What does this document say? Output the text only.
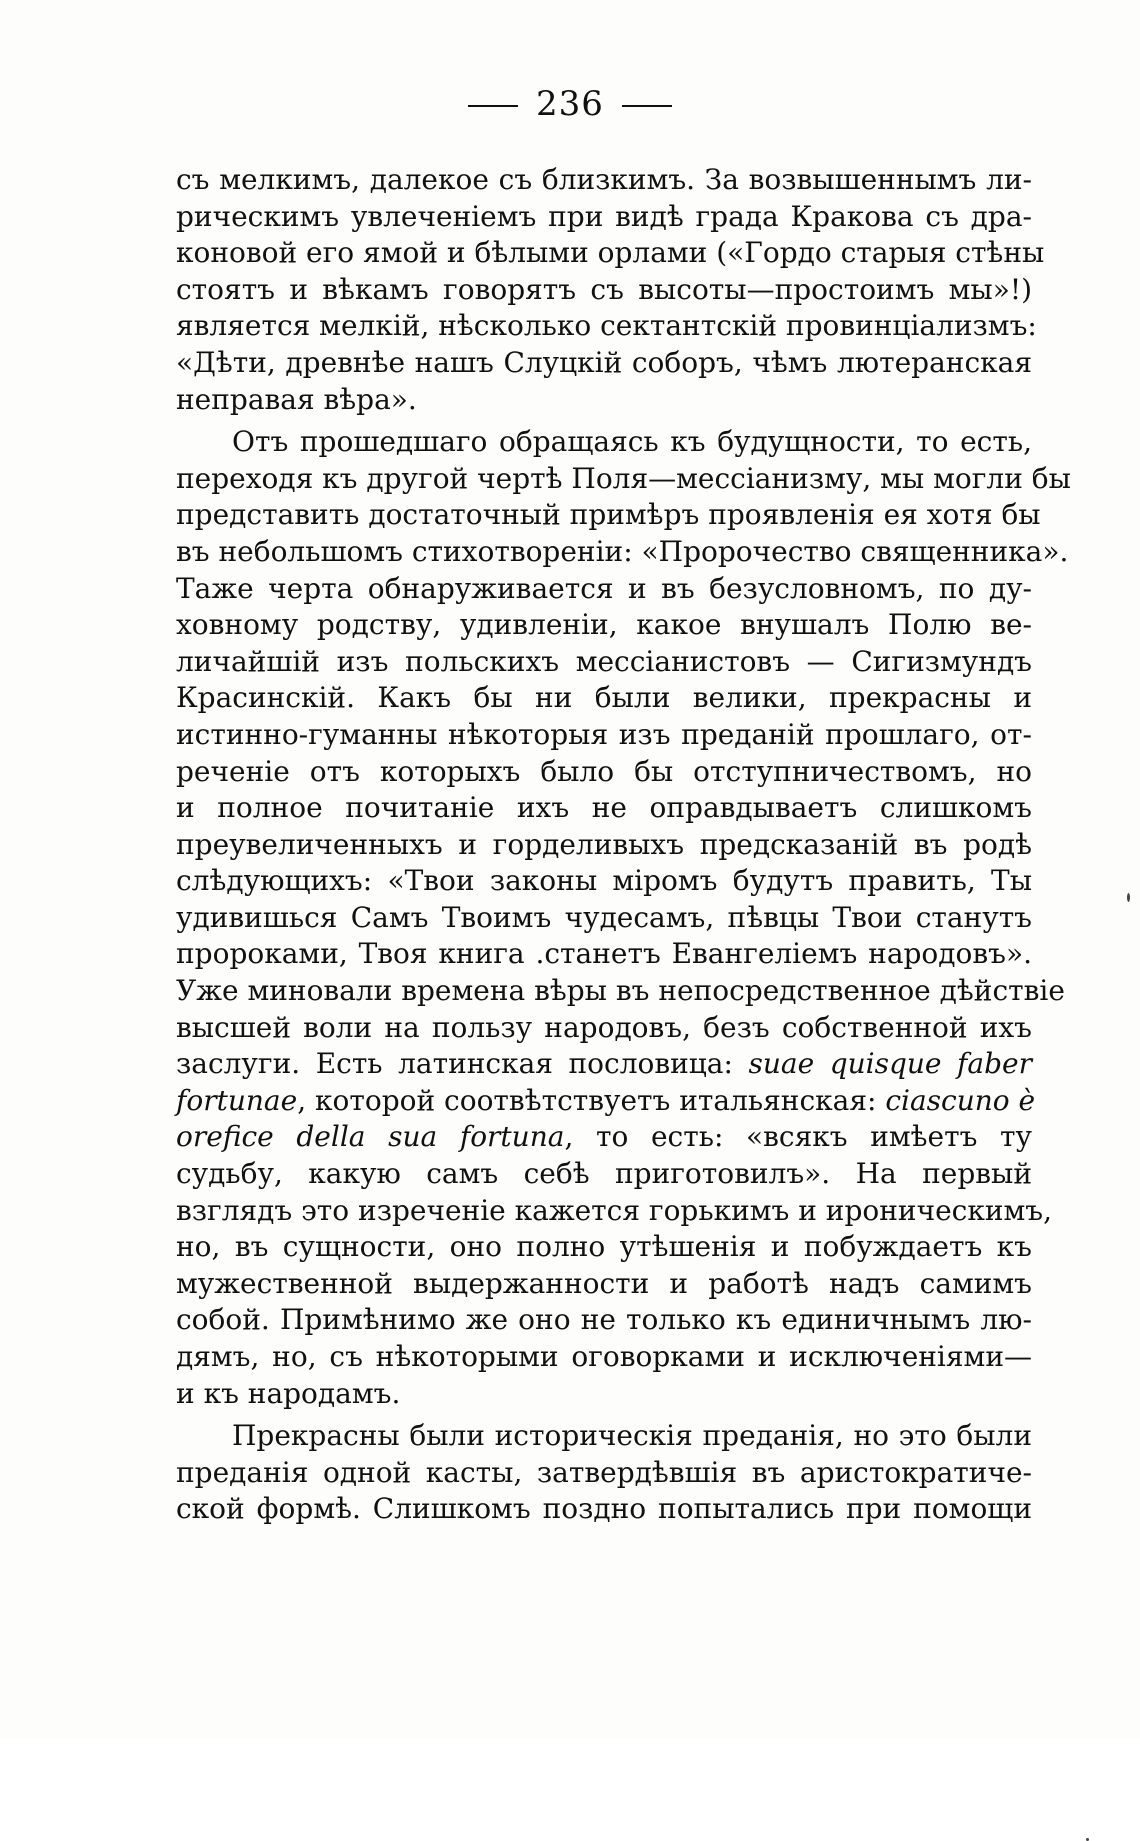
236
съ мелкимъ, далекое съ близкимъ. За возвышеннымъ ли-
рическимъ увлеченіемъ при видѣ града Кракова съ дра-
коновой его ямой и бѣлыми орлами («Гордо старыя стѣны
стоятъ и вѣкамъ говорятъ съ высоты—простоимъ мы»!)
является мелкій, нѣсколько сектантскій провинціализмъ:
«Дѣти, древнѣе нашъ Слуцкій соборъ, чѣмъ лютеранская
неправая вѣра».
Отъ прошедшаго обращаясь къ будущности, то есть,
переходя къ другой чертѣ Поля—мессіанизму, мы могли бы
представить достаточный примѣръ проявленія ея хотя бы
въ небольшомъ стихотвореніи: «Пророчество священника».
Таже черта обнаруживается и въ безусловномъ, по ду-
ховному родству, удивленіи, какое внушалъ Полю ве-
личайшій изъ польскихъ мессіанистовъ — Сигизмундъ
Красинскій. Какъ бы ни были велики, прекрасны и
истинно-гуманны нѣкоторыя изъ преданій прошлаго, от-
реченіе отъ которыхъ было бы отступничествомъ, но
и полное почитаніе ихъ не оправдываетъ слишкомъ
преувеличенныхъ и горделивыхъ предсказаній въ родѣ
слѣдующихъ: «Твои законы міромъ будутъ править, Ты
удивишься Самъ Твоимъ чудесамъ, пѣвцы Твои станутъ
пророками, Твоя книга .станетъ Евангеліемъ народовъ».
Уже миновали времена вѣры въ непосредственное дѣйствіе
высшей воли на пользу народовъ, безъ собственной ихъ
заслуги. Есть латинская пословица: suae quisque faber
fortunae, которой соотвѣтствуетъ итальянская: ciascuno è
orefice della sua fortuna, то есть: «всякъ имѣетъ ту
судьбу, какую самъ себѣ приготовилъ». На первый
взглядъ это изреченіе кажется горькимъ и ироническимъ,
но, въ сущности, оно полно утѣшенія и побуждаетъ къ
мужественной выдержанности и работѣ надъ самимъ
собой. Примѣнимо же оно не только къ единичнымъ лю-
дямъ, но, съ нѣкоторыми оговорками и исключеніями—
и къ народамъ.
Прекрасны были историческія преданія, но это были
преданія одной касты, затвердѣвшія въ аристократиче-
ской формѣ. Слишкомъ поздно попытались при помощи
